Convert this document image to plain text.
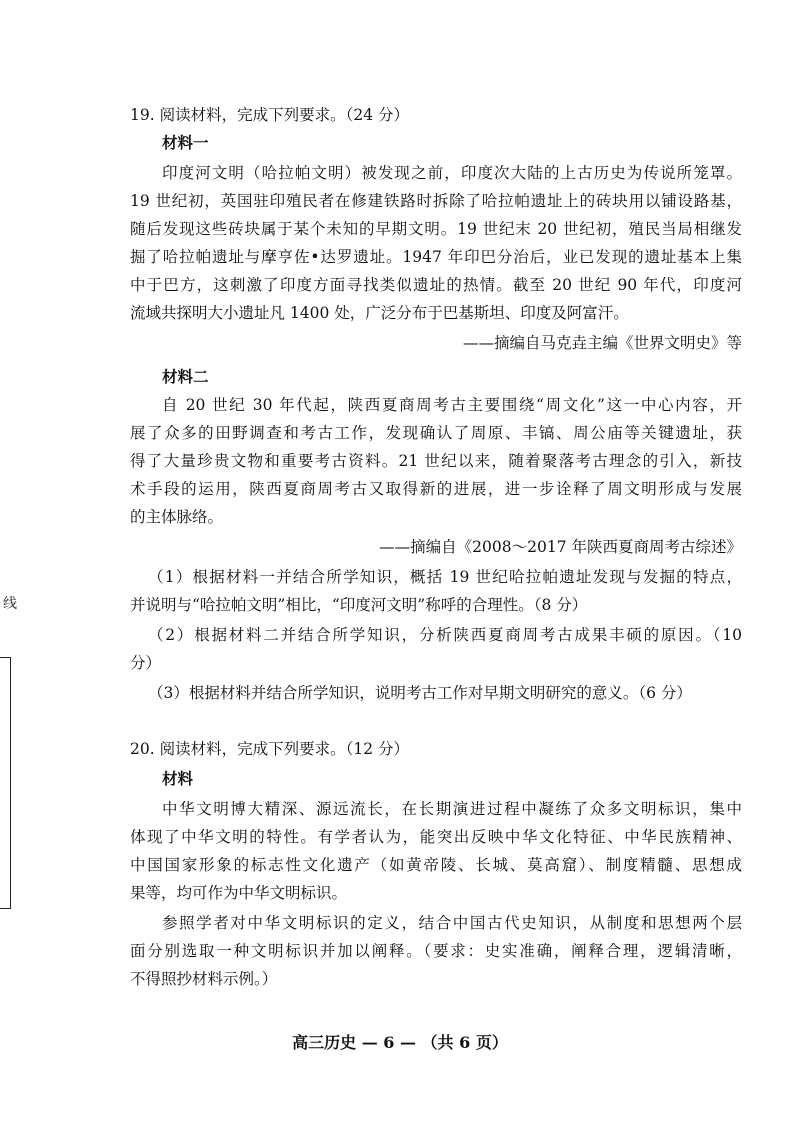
19. 阅读材料，完成下列要求。（24 分）
材料一
印度河文明（哈拉帕文明）被发现之前，印度次大陆的上古历史为传说所笼罩。
19 世纪初，英国驻印殖民者在修建铁路时拆除了哈拉帕遗址上的砖块用以铺设路基，
随后发现这些砖块属于某个未知的早期文明。19 世纪末 20 世纪初，殖民当局相继发
掘了哈拉帕遗址与摩亨佐•达罗遗址。1947 年印巴分治后，业已发现的遗址基本上集
中于巴方，这刺激了印度方面寻找类似遗址的热情。截至 20 世纪 90 年代，印度河
流域共探明大小遗址凡 1400 处，广泛分布于巴基斯坦、印度及阿富汗。
——摘编自马克垚主编《世界文明史》等
材料二
自 20 世纪 30 年代起，陕西夏商周考古主要围绕“周文化”这一中心内容，开
展了众多的田野调查和考古工作，发现确认了周原、丰镐、周公庙等关键遗址，获
得了大量珍贵文物和重要考古资料。21 世纪以来，随着聚落考古理念的引入，新技
术手段的运用，陕西夏商周考古又取得新的进展，进一步诠释了周文明形成与发展
的主体脉络。
——摘编自《2008～2017 年陕西夏商周考古综述》
（1）根据材料一并结合所学知识，概括 19 世纪哈拉帕遗址发现与发掘的特点，
并说明与“哈拉帕文明”相比，“印度河文明”称呼的合理性。（8 分）
（2）根据材料二并结合所学知识，分析陕西夏商周考古成果丰硕的原因。（10
分）
（3）根据材料并结合所学知识，说明考古工作对早期文明研究的意义。（6 分）
20. 阅读材料，完成下列要求。（12 分）
材料
中华文明博大精深、源远流长，在长期演进过程中凝练了众多文明标识，集中
体现了中华文明的特性。有学者认为，能突出反映中华文化特征、中华民族精神、
中国国家形象的标志性文化遗产（如黄帝陵、长城、莫高窟）、制度精髓、思想成
果等，均可作为中华文明标识。
参照学者对中华文明标识的定义，结合中国古代史知识，从制度和思想两个层
面分别选取一种文明标识并加以阐释。（要求：史实准确，阐释合理，逻辑清晰，
不得照抄材料示例。）
线
高三历史 — 6 — （共 6 页）
